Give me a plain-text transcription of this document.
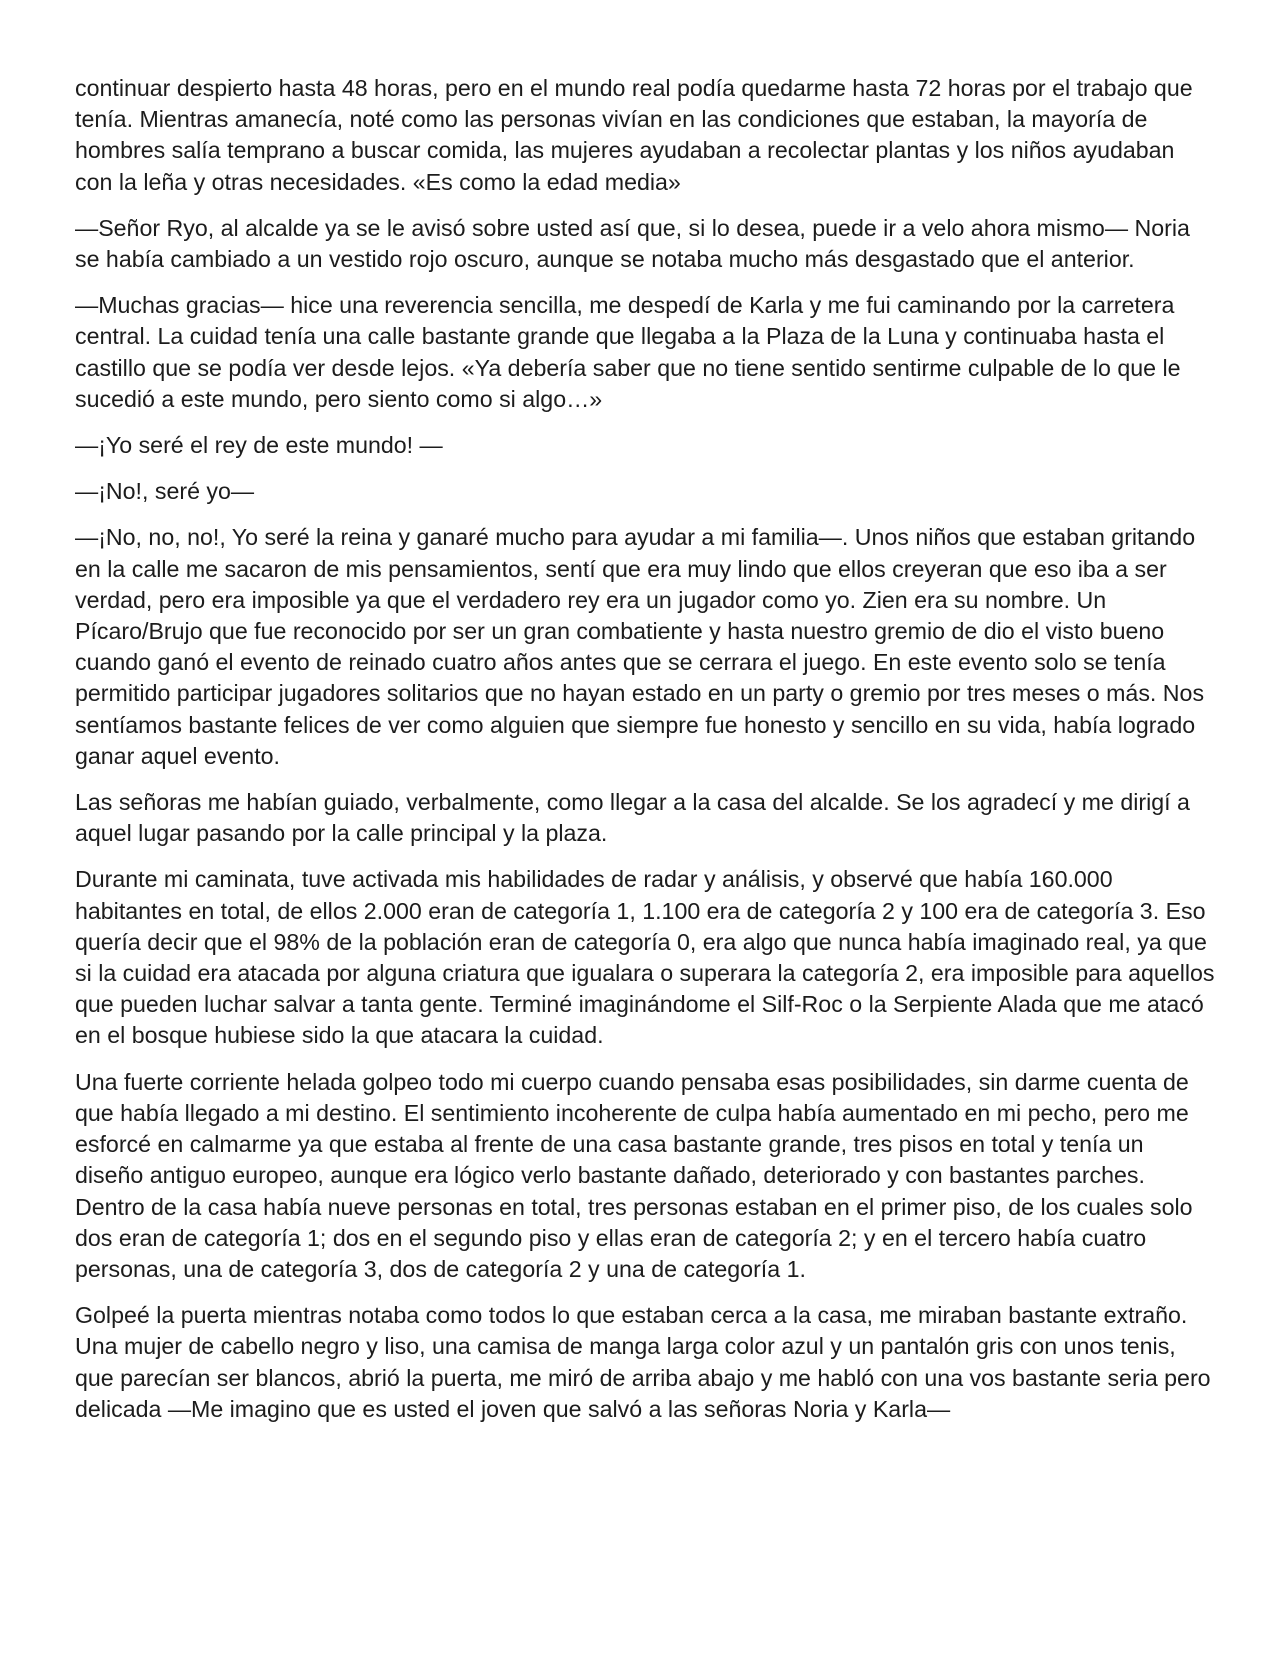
continuar despierto hasta 48 horas, pero en el mundo real podía quedarme hasta 72 horas por el trabajo que tenía. Mientras amanecía, noté como las personas vivían en las condiciones que estaban, la mayoría de hombres salía temprano a buscar comida, las mujeres ayudaban a recolectar plantas y los niños ayudaban con la leña y otras necesidades. «Es como la edad media»

—Señor Ryo, al alcalde ya se le avisó sobre usted así que, si lo desea, puede ir a velo ahora mismo— Noria se había cambiado a un vestido rojo oscuro, aunque se notaba mucho más desgastado que el anterior.

—Muchas gracias— hice una reverencia sencilla, me despedí de Karla y me fui caminando por la carretera central. La cuidad tenía una calle bastante grande que llegaba a la Plaza de la Luna y continuaba hasta el castillo que se podía ver desde lejos. «Ya debería saber que no tiene sentido sentirme culpable de lo que le sucedió a este mundo, pero siento como si algo…»

—¡Yo seré el rey de este mundo! —

—¡No!, seré yo—

—¡No, no, no!, Yo seré la reina y ganaré mucho para ayudar a mi familia—. Unos niños que estaban gritando en la calle me sacaron de mis pensamientos, sentí que era muy lindo que ellos creyeran que eso iba a ser verdad, pero era imposible ya que el verdadero rey era un jugador como yo. Zien era su nombre. Un Pícaro/Brujo que fue reconocido por ser un gran combatiente y hasta nuestro gremio de dio el visto bueno cuando ganó el evento de reinado cuatro años antes que se cerrara el juego. En este evento solo se tenía permitido participar jugadores solitarios que no hayan estado en un party o gremio por tres meses o más. Nos sentíamos bastante felices de ver como alguien que siempre fue honesto y sencillo en su vida, había logrado ganar aquel evento.

Las señoras me habían guiado, verbalmente, como llegar a la casa del alcalde. Se los agradecí y me dirigí a aquel lugar pasando por la calle principal y la plaza.

Durante mi caminata, tuve activada mis habilidades de radar y análisis, y observé que había 160.000 habitantes en total, de ellos 2.000 eran de categoría 1, 1.100 era de categoría 2 y 100 era de categoría 3. Eso quería decir que el 98% de la población eran de categoría 0, era algo que nunca había imaginado real, ya que si la cuidad era atacada por alguna criatura que igualara o superara la categoría 2, era imposible para aquellos que pueden luchar salvar a tanta gente. Terminé imaginándome el Silf-Roc o la Serpiente Alada que me atacó en el bosque hubiese sido la que atacara la cuidad.

Una fuerte corriente helada golpeo todo mi cuerpo cuando pensaba esas posibilidades, sin darme cuenta de que había llegado a mi destino. El sentimiento incoherente de culpa había aumentado en mi pecho, pero me esforcé en calmarme ya que estaba al frente de una casa bastante grande, tres pisos en total y tenía un diseño antiguo europeo, aunque era lógico verlo bastante dañado, deteriorado y con bastantes parches. Dentro de la casa había nueve personas en total, tres personas estaban en el primer piso, de los cuales solo dos eran de categoría 1; dos en el segundo piso y ellas eran de categoría 2; y en el tercero había cuatro personas, una de categoría 3, dos de categoría 2 y una de categoría 1.

Golpeé la puerta mientras notaba como todos lo que estaban cerca a la casa, me miraban bastante extraño. Una mujer de cabello negro y liso, una camisa de manga larga color azul y un pantalón gris con unos tenis, que parecían ser blancos, abrió la puerta, me miró de arriba abajo y me habló con una vos bastante seria pero delicada —Me imagino que es usted el joven que salvó a las señoras Noria y Karla—
